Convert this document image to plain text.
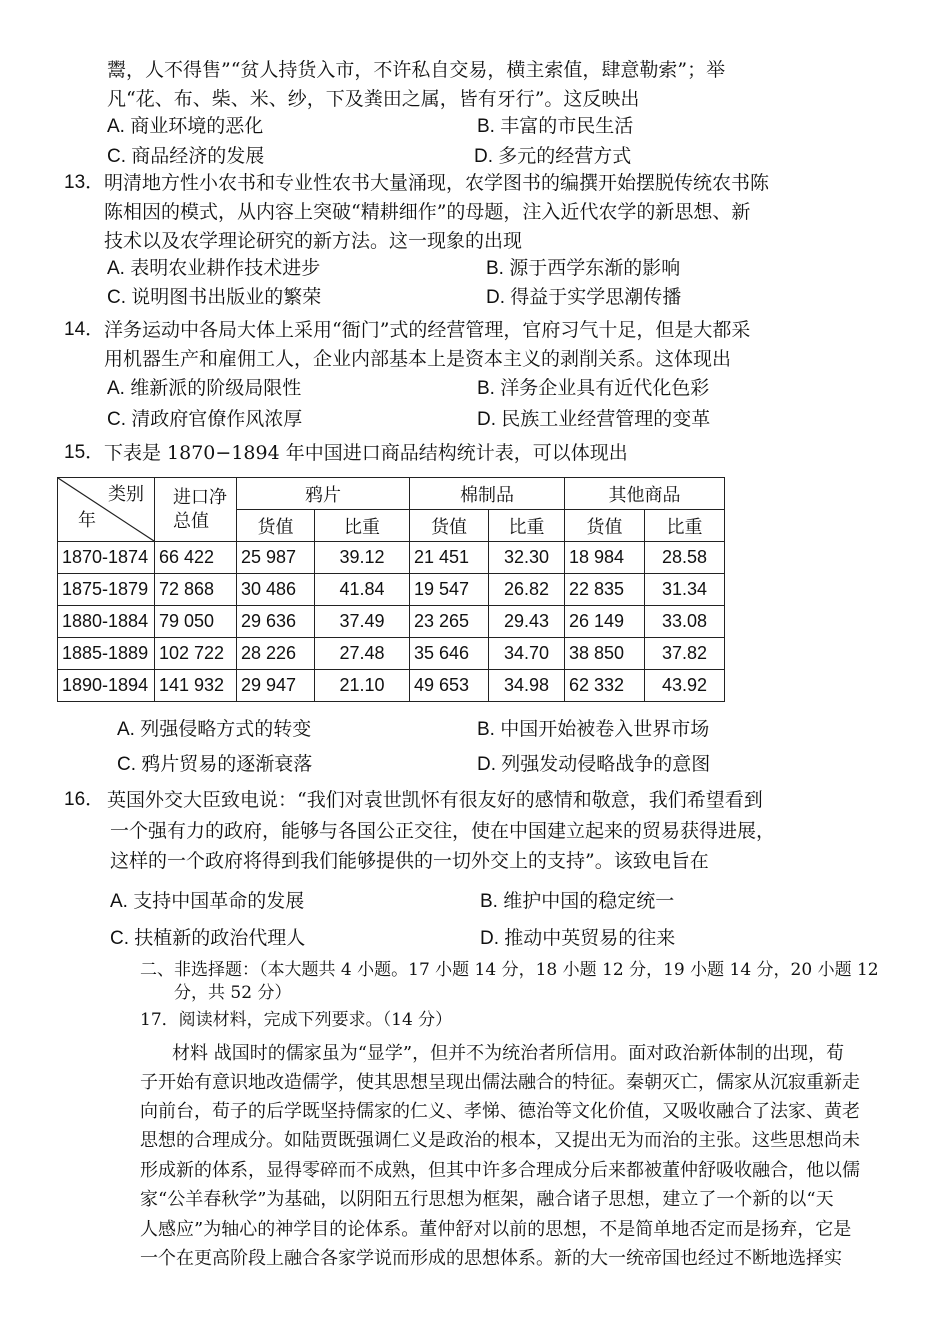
鬻，人不得售”“贫人持货入市，不许私自交易，横主索值，肆意勒索”；举
凡“花、布、柴、米、纱，下及粪田之属，皆有牙行”。这反映出
A. 商业环境的恶化	B. 丰富的市民生活
C. 商品经济的发展	D. 多元的经营方式
13． 明清地方性小农书和专业性农书大量涌现，农学图书的编撰开始摆脱传统农书陈
陈相因的模式，从内容上突破“精耕细作”的母题，注入近代农学的新思想、新
技术以及农学理论研究的新方法。这一现象的出现
A. 表明农业耕作技术进步	B. 源于西学东渐的影响
C. 说明图书出版业的繁荣	D. 得益于实学思潮传播
14． 洋务运动中各局大体上采用“衙门”式的经营管理，官府习气十足，但是大都采
用机器生产和雇佣工人，企业内部基本上是资本主义的剥削关系。这体现出
A. 维新派的阶级局限性	B. 洋务企业具有近代化色彩
C. 清政府官僚作风浓厚	D. 民族工业经营管理的变革
15． 下表是 1870−1894 年中国进口商品结构统计表，可以体现出
类别
年	进口净总值	鸦片		棉制品		其他商品	
		货值	比重	货值	比重	货值	比重
1870-1874	66 422	25 987	39.12	21 451	32.30	18 984	28.58
1875-1879	72 868	30 486	41.84	19 547	26.82	22 835	31.34
1880-1884	79 050	29 636	37.49	23 265	29.43	26 149	33.08
1885-1889	102 722	28 226	27.48	35 646	34.70	38 850	37.82
1890-1894	141 932	29 947	21.10	49 653	34.98	62 332	43.92
A. 列强侵略方式的转变	B. 中国开始被卷入世界市场
C. 鸦片贸易的逐渐衰落	D. 列强发动侵略战争的意图
16． 英国外交大臣致电说：“我们对袁世凯怀有很友好的感情和敬意，我们希望看到
一个强有力的政府，能够与各国公正交往，使在中国建立起来的贸易获得进展，
这样的一个政府将得到我们能够提供的一切外交上的支持”。该致电旨在
A. 支持中国革命的发展	B. 维护中国的稳定统一
C. 扶植新的政治代理人	D. 推动中英贸易的往来
二、非选择题：（本大题共 4 小题。17 小题 14 分，18 小题 12 分，19 小题 14 分，20 小题 12
分，共 52 分）
17．阅读材料，完成下列要求。（14 分）
材料 战国时的儒家虽为“显学”，但并不为统治者所信用。面对政治新体制的出现，荀
子开始有意识地改造儒学，使其思想呈现出儒法融合的特征。秦朝灭亡，儒家从沉寂重新走
向前台，荀子的后学既坚持儒家的仁义、孝悌、德治等文化价值，又吸收融合了法家、黄老
思想的合理成分。如陆贾既强调仁义是政治的根本，又提出无为而治的主张。这些思想尚未
形成新的体系，显得零碎而不成熟，但其中许多合理成分后来都被董仲舒吸收融合，他以儒
家“公羊春秋学”为基础，以阴阳五行思想为框架，融合诸子思想，建立了一个新的以“天
人感应”为轴心的神学目的论体系。董仲舒对以前的思想，不是简单地否定而是扬弃，它是
一个在更高阶段上融合各家学说而形成的思想体系。新的大一统帝国也经过不断地选择实
